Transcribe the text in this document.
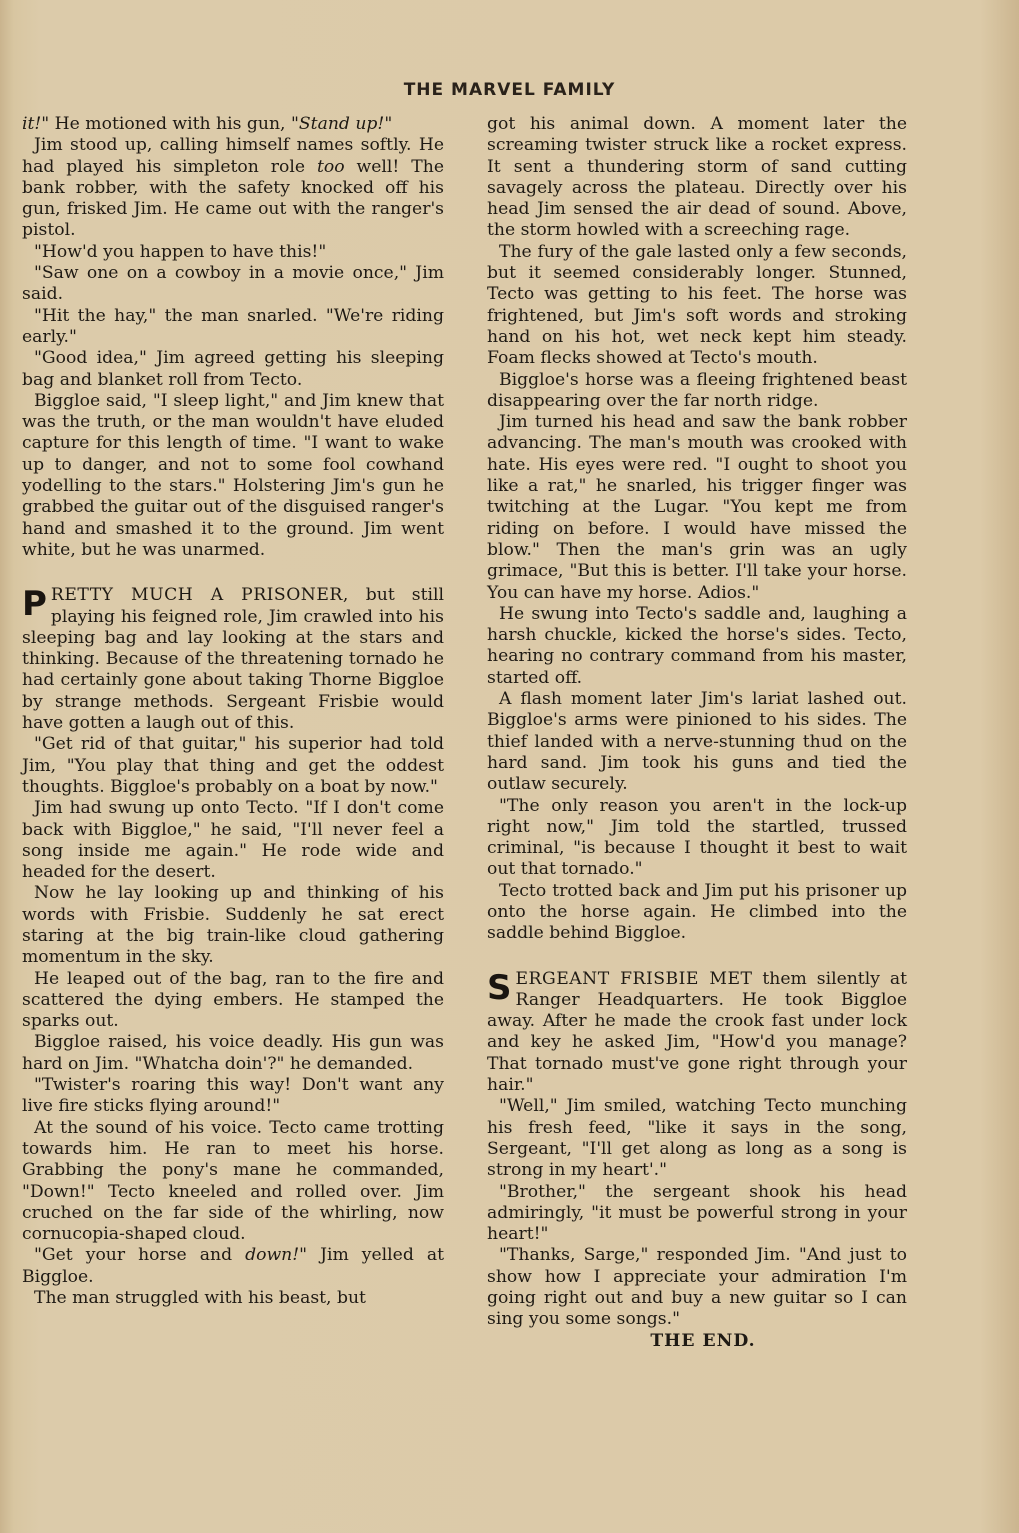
THE MARVEL FAMILY

it!" He motioned with his gun, "Stand up!"

Jim stood up, calling himself names softly. He had played his simpleton role too well! The bank robber, with the safety knocked off his gun, frisked Jim. He came out with the ranger's pistol.

"How'd you happen to have this!"

"Saw one on a cowboy in a movie once," Jim said.

"Hit the hay," the man snarled. "We're riding early."

"Good idea," Jim agreed getting his sleeping bag and blanket roll from Tecto.

Biggloe said, "I sleep light," and Jim knew that was the truth, or the man wouldn't have eluded capture for this length of time. "I want to wake up to danger, and not to some fool cowhand yodelling to the stars." Holstering Jim's gun he grabbed the guitar out of the disguised ranger's hand and smashed it to the ground. Jim went white, but he was unarmed.

PRETTY MUCH A PRISONER, but still playing his feigned role, Jim crawled into his sleeping bag and lay looking at the stars and thinking. Because of the threatening tornado he had certainly gone about taking Thorne Biggloe by strange methods. Sergeant Frisbie would have gotten a laugh out of this.

"Get rid of that guitar," his superior had told Jim, "You play that thing and get the oddest thoughts. Biggloe's probably on a boat by now."

Jim had swung up onto Tecto. "If I don't come back with Biggloe," he said, "I'll never feel a song inside me again." He rode wide and headed for the desert.

Now he lay looking up and thinking of his words with Frisbie. Suddenly he sat erect staring at the big train-like cloud gathering momentum in the sky.

He leaped out of the bag, ran to the fire and scattered the dying embers. He stamped the sparks out.

Biggloe raised, his voice deadly. His gun was hard on Jim. "Whatcha doin'?" he demanded.

"Twister's roaring this way! Don't want any live fire sticks flying around!"

At the sound of his voice. Tecto came trotting towards him. He ran to meet his horse. Grabbing the pony's mane he commanded, "Down!" Tecto kneeled and rolled over. Jim cruched on the far side of the whirling, now cornucopia-shaped cloud.

"Get your horse and down!" Jim yelled at Biggloe.

The man struggled with his beast, but

got his animal down. A moment later the screaming twister struck like a rocket express. It sent a thundering storm of sand cutting savagely across the plateau. Directly over his head Jim sensed the air dead of sound. Above, the storm howled with a screeching rage.

The fury of the gale lasted only a few seconds, but it seemed considerably longer. Stunned, Tecto was getting to his feet. The horse was frightened, but Jim's soft words and stroking hand on his hot, wet neck kept him steady. Foam flecks showed at Tecto's mouth.

Biggloe's horse was a fleeing frightened beast disappearing over the far north ridge.

Jim turned his head and saw the bank robber advancing. The man's mouth was crooked with hate. His eyes were red. "I ought to shoot you like a rat," he snarled, his trigger finger was twitching at the Lugar. "You kept me from riding on before. I would have missed the blow." Then the man's grin was an ugly grimace, "But this is better. I'll take your horse. You can have my horse. Adios."

He swung into Tecto's saddle and, laughing a harsh chuckle, kicked the horse's sides. Tecto, hearing no contrary command from his master, started off.

A flash moment later Jim's lariat lashed out. Biggloe's arms were pinioned to his sides. The thief landed with a nerve-stunning thud on the hard sand. Jim took his guns and tied the outlaw securely.

"The only reason you aren't in the lock-up right now," Jim told the startled, trussed criminal, "is because I thought it best to wait out that tornado."

Tecto trotted back and Jim put his prisoner up onto the horse again. He climbed into the saddle behind Biggloe.

SERGEANT FRISBIE MET them silently at Ranger Headquarters. He took Biggloe away. After he made the crook fast under lock and key he asked Jim, "How'd you manage? That tornado must've gone right through your hair."

"Well," Jim smiled, watching Tecto munching his fresh feed, "like it says in the song, Sergeant, "I'll get along as long as a song is strong in my heart'."

"Brother," the sergeant shook his head admiringly, "it must be powerful strong in your heart!"

"Thanks, Sarge," responded Jim. "And just to show how I appreciate your admiration I'm going right out and buy a new guitar so I can sing you some songs."

THE END.
